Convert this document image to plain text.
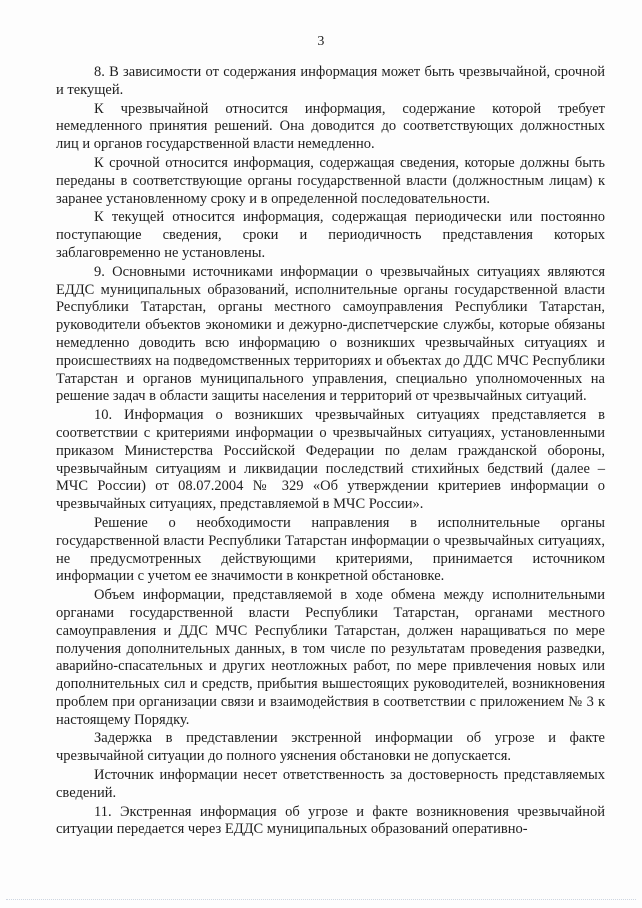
3

8. В зависимости от содержания информация может быть чрезвычайной, срочной и текущей.

К чрезвычайной относится информация, содержание которой требует немедленного принятия решений. Она доводится до соответствующих должностных лиц и органов государственной власти немедленно.

К срочной относится информация, содержащая сведения, которые должны быть переданы в соответствующие органы государственной власти (должностным лицам) к заранее установленному сроку и в определенной последовательности.

К текущей относится информация, содержащая периодически или постоянно поступающие сведения, сроки и периодичность представления которых заблаговременно не установлены.

9. Основными источниками информации о чрезвычайных ситуациях являются ЕДДС муниципальных образований, исполнительные органы государственной власти Республики Татарстан, органы местного самоуправления Республики Татарстан, руководители объектов экономики и дежурно-диспетчерские службы, которые обязаны немедленно доводить всю информацию о возникших чрезвычайных ситуациях и происшествиях на подведомственных территориях и объектах до ДДС МЧС Республики Татарстан и органов муниципального управления, специально уполномоченных на решение задач в области защиты населения и территорий от чрезвычайных ситуаций.

10. Информация о возникших чрезвычайных ситуациях представляется в соответствии с критериями информации о чрезвычайных ситуациях, установленными приказом Министерства Российской Федерации по делам гражданской обороны, чрезвычайным ситуациям и ликвидации последствий стихийных бедствий (далее – МЧС России) от 08.07.2004 № 329 «Об утверждении критериев информации о чрезвычайных ситуациях, представляемой в МЧС России».

Решение о необходимости направления в исполнительные органы государственной власти Республики Татарстан информации о чрезвычайных ситуациях, не предусмотренных действующими критериями, принимается источником информации с учетом ее значимости в конкретной обстановке.

Объем информации, представляемой в ходе обмена между исполнительными органами государственной власти Республики Татарстан, органами местного самоуправления и ДДС МЧС Республики Татарстан, должен наращиваться по мере получения дополнительных данных, в том числе по результатам проведения разведки, аварийно-спасательных и других неотложных работ, по мере привлечения новых или дополнительных сил и средств, прибытия вышестоящих руководителей, возникновения проблем при организации связи и взаимодействия в соответствии с приложением № 3 к настоящему Порядку.

Задержка в представлении экстренной информации об угрозе и факте чрезвычайной ситуации до полного уяснения обстановки не допускается.

Источник информации несет ответственность за достоверность представляемых сведений.

11. Экстренная информация об угрозе и факте возникновения чрезвычайной ситуации передается через ЕДДС муниципальных образований оперативно-
